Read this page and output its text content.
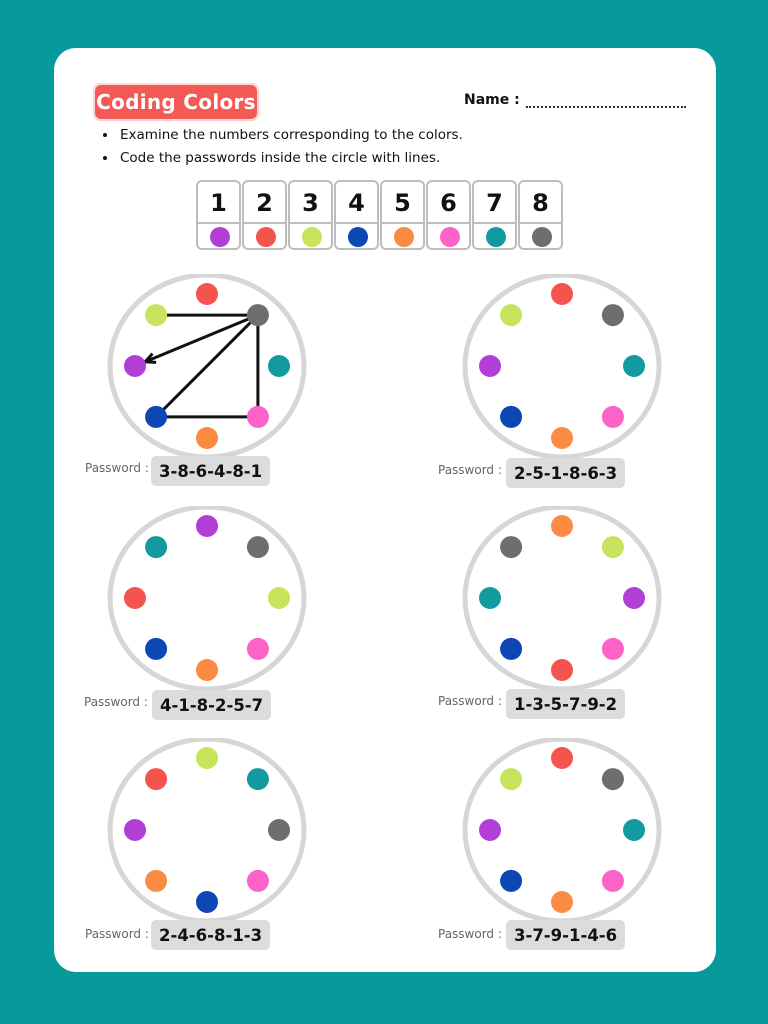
Coding Colors	Name :
• Examine the numbers corresponding to the colors.
• Code the passwords inside the circle with lines.
1	2	3	4	5	6	7	8
Password : 3-8-6-4-8-1	Password : 2-5-1-8-6-3
Password : 4-1-8-2-5-7	Password : 1-3-5-7-9-2
Password : 2-4-6-8-1-3	Password : 3-7-9-1-4-6
